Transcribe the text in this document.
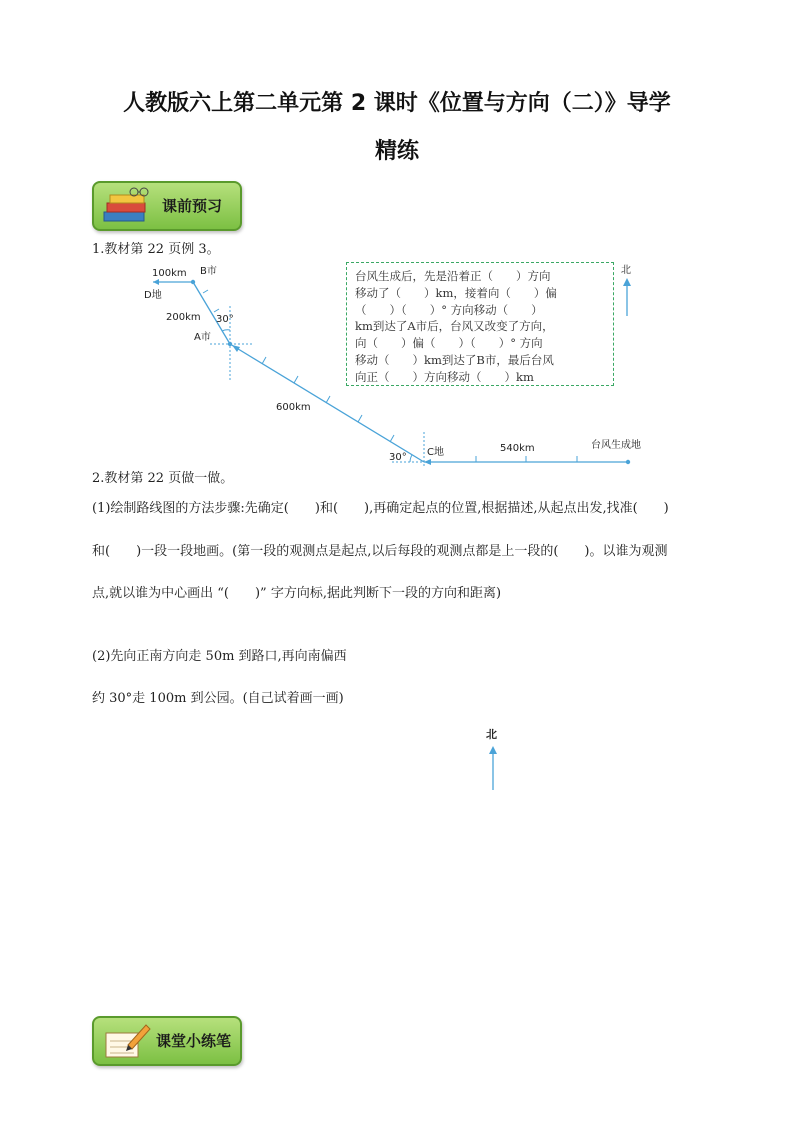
人教版六上第二单元第 2 课时《位置与方向（二）》导学
精练
课前预习
1.教材第 22 页例 3。
100km B市
D地
200km 30°
A市
600km
30° C地	540km	台风生成地
北
台风生成后，先是沿着正（　　）方向
移动了（　　）km，接着向（　　）偏
（　　）（　　）° 方向移动（　　）
km到达了A市后，台风又改变了方向，
向（　　）偏（　　）（　　）° 方向
移动（　　）km到达了B市，最后台风
向正（　　）方向移动（　　）km
2.教材第 22 页做一做。
(1)绘制路线图的方法步骤:先确定(　　)和(　　),再确定起点的位置,根据描述,从起点出发,找准(　　)
和(　　)一段一段地画。(第一段的观测点是起点,以后每段的观测点都是上一段的(　　)。以谁为观测
点,就以谁为中心画出 “(　　)” 字方向标,据此判断下一段的方向和距离)
(2)先向正南方向走 50m 到路口,再向南偏西
约 30°走 100m 到公园。(自己试着画一画)
北
课堂小练笔
